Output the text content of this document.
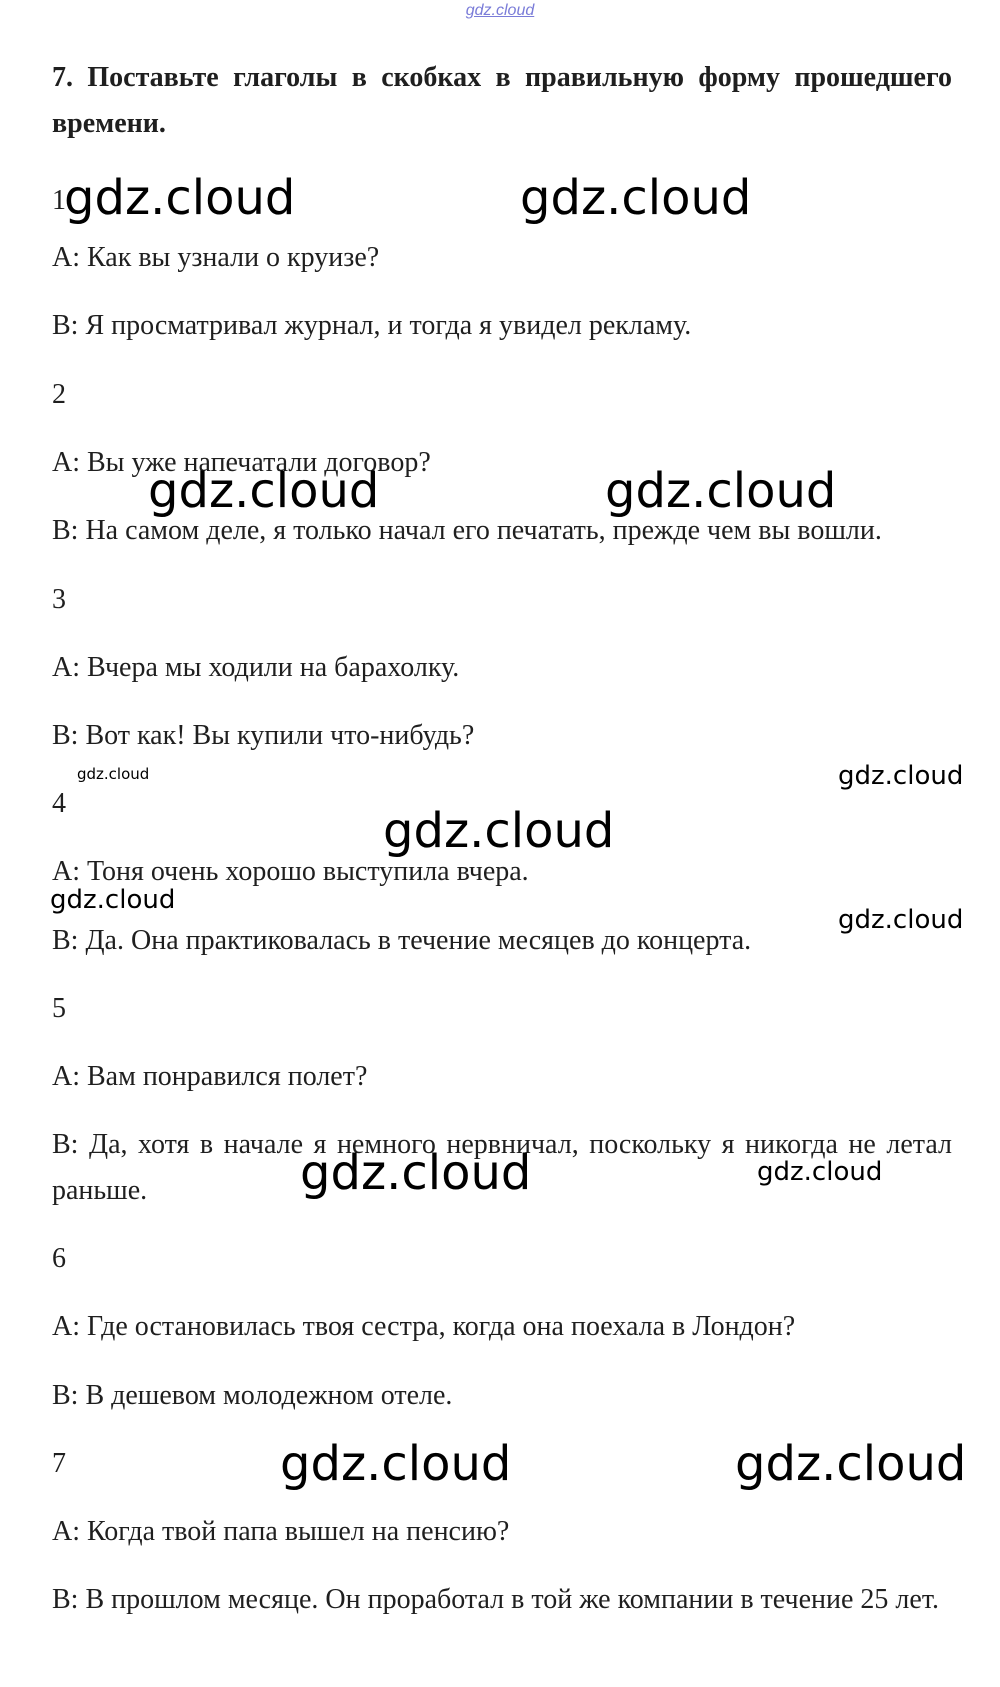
gdz.cloud

7. Поставьте глаголы в скобках в правильную форму прошедшего времени.

1

A: Как вы узнали о круизе?

B: Я просматривал журнал, и тогда я увидел рекламу.

2

A: Вы уже напечатали договор?

B: На самом деле, я только начал его печатать, прежде чем вы вошли.

3

A: Вчера мы ходили на барахолку.

B: Вот как! Вы купили что-нибудь?

4

A: Тоня очень хорошо выступила вчера.

B: Да. Она практиковалась в течение месяцев до концерта.

5

A: Вам понравился полет?

B: Да, хотя в начале я немного нервничал, поскольку я никогда не летал раньше.

6

A: Где остановилась твоя сестра, когда она поехала в Лондон?

B: В дешевом молодежном отеле.

7

A: Когда твой папа вышел на пенсию?

B: В прошлом месяце. Он проработал в той же компании в течение 25 лет.

gdz.cloud	gdz.cloud
gdz.cloud	gdz.cloud
gdz.cloud	gdz.cloud
gdz.cloud
gdz.cloud
gdz.cloud
gdz.cloud	gdz.cloud
gdz.cloud	gdz.cloud
